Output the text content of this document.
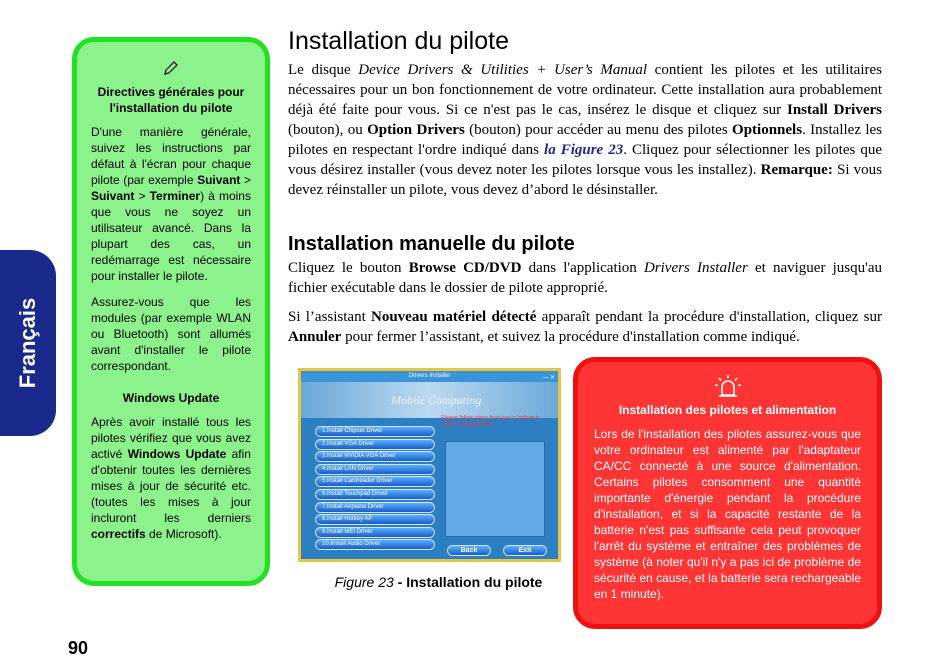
Français
Directives générales pour l'installation du pilote

D'une manière générale, suivez les instructions par défaut à l'écran pour chaque pilote (par exemple Suivant > Suivant > Terminer) à moins que vous ne soyez un utilisateur avancé. Dans la plupart des cas, un redémarrage est nécessaire pour installer le pilote.

Assurez-vous que les modules (par exemple WLAN ou Bluetooth) sont allumés avant d'installer le pilote correspondant.

Windows Update

Après avoir installé tous les pilotes vérifiez que vous avez activé Windows Update afin d'obtenir toutes les dernières mises à jour de sécurité etc. (toutes les mises à jour incluront les derniers correctifs de Microsoft).

Installation du pilote

Le disque Device Drivers & Utilities + User’s Manual contient les pilotes et les utilitaires nécessaires pour un bon fonctionnement de votre ordinateur. Cette installation aura probablement déjà été faite pour vous. Si ce n'est pas le cas, insérez le disque et cliquez sur Install Drivers (bouton), ou Option Drivers (bouton) pour accéder au menu des pilotes Optionnels. Installez les pilotes en respectant l'ordre indiqué dans la Figure 23. Cliquez pour sélectionner les pilotes que vous désirez installer (vous devez noter les pilotes lorsque vous les installez). Remarque: Si vous devez réinstaller un pilote, vous devez d’abord le désinstaller.

Installation manuelle du pilote

Cliquez le bouton Browse CD/DVD dans l'application Drivers Installer et naviguer jusqu'au fichier exécutable dans le dossier de pilote approprié.

Si l’assistant Nouveau matériel détecté apparaît pendant la procédure d'installation, cliquez sur Annuler pour fermer l’assistant, et suivez la procédure d'installation comme indiqué.

Drivers Installer	— ✕
Mobile Computing
Please follow steps from top to bottom in order to install drivers.
1.Install Chipset Driver
2.Install VGA Driver
3.Install NVIDIA VGA Driver
4.Install LAN Driver
5.Install Cardreader Driver
6.Install Touchpad Driver
7.Install Airplane Driver
8.Install Hotkey AP
9.Install MEI Driver
10.Install Audio Driver
Back	Exit
Figure 23 - Installation du pilote
Installation des pilotes et alimentation

Lors de l'installation des pilotes assurez-vous que votre ordinateur est alimenté par l'adaptateur CA/CC connecté à une source d'alimentation. Certains pilotes consomment une quantité importante d'énergie pendant la procédure d'installation, et si la capacité restante de la batterie n'est pas suffisante cela peut provoquer l'arrêt du système et entraîner des problèmes de système (à noter qu'il n'y a pas ici de problème de sécurité en cause, et la batterie sera rechargeable en 1 minute).

90
